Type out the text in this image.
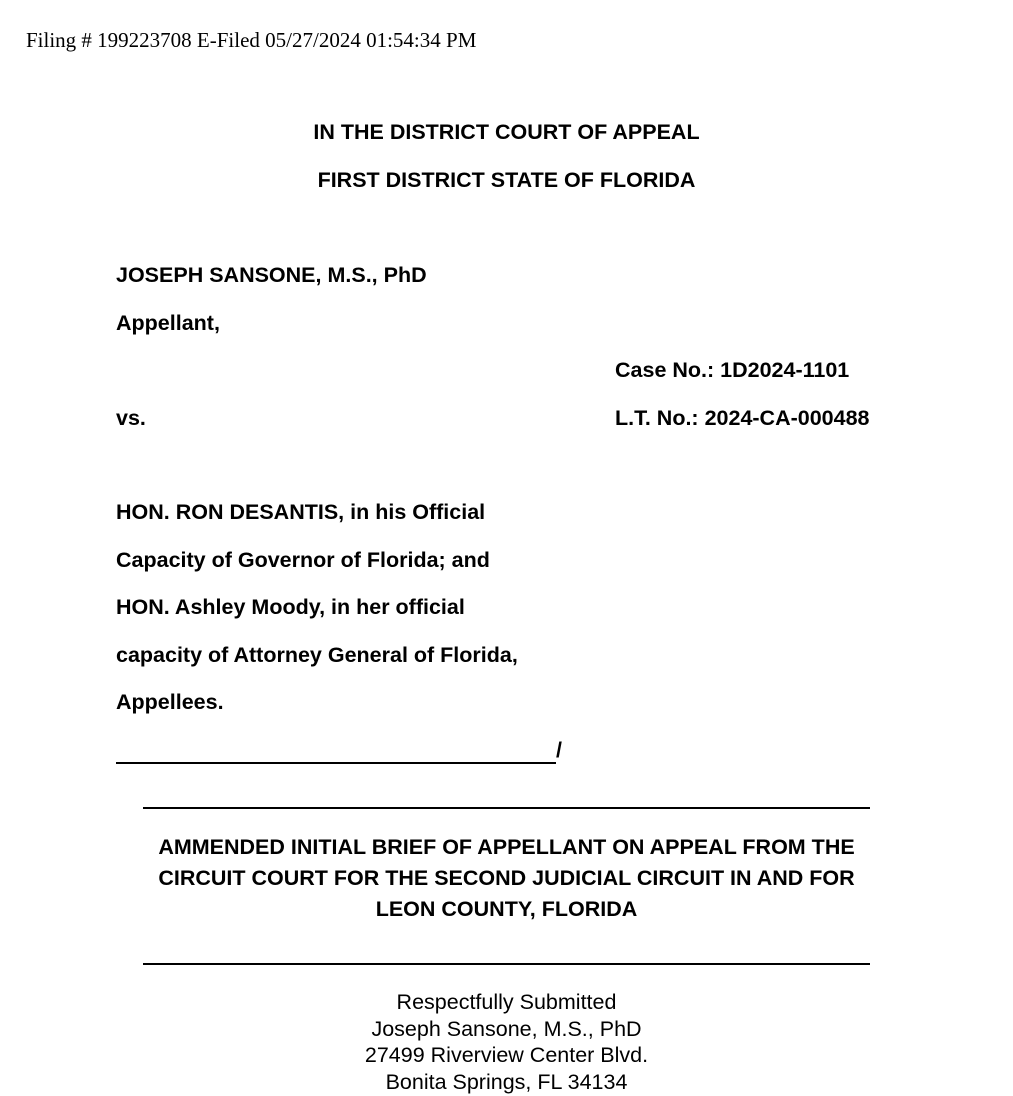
Filing # 199223708 E-Filed 05/27/2024 01:54:34 PM
IN THE DISTRICT COURT OF APPEAL
FIRST DISTRICT STATE OF FLORIDA
JOSEPH SANSONE, M.S., PhD
Appellant,
Case No.: 1D2024-1101
vs.	L.T. No.: 2024-CA-000488
HON. RON DESANTIS, in his Official
Capacity of Governor of Florida; and
HON. Ashley Moody, in her official
capacity of Attorney General of Florida,
Appellees.
/
AMMENDED INITIAL BRIEF OF APPELLANT ON APPEAL FROM THE
CIRCUIT COURT FOR THE SECOND JUDICIAL CIRCUIT IN AND FOR
LEON COUNTY, FLORIDA
Respectfully Submitted
Joseph Sansone, M.S., PhD
27499 Riverview Center Blvd.
Bonita Springs, FL 34134
